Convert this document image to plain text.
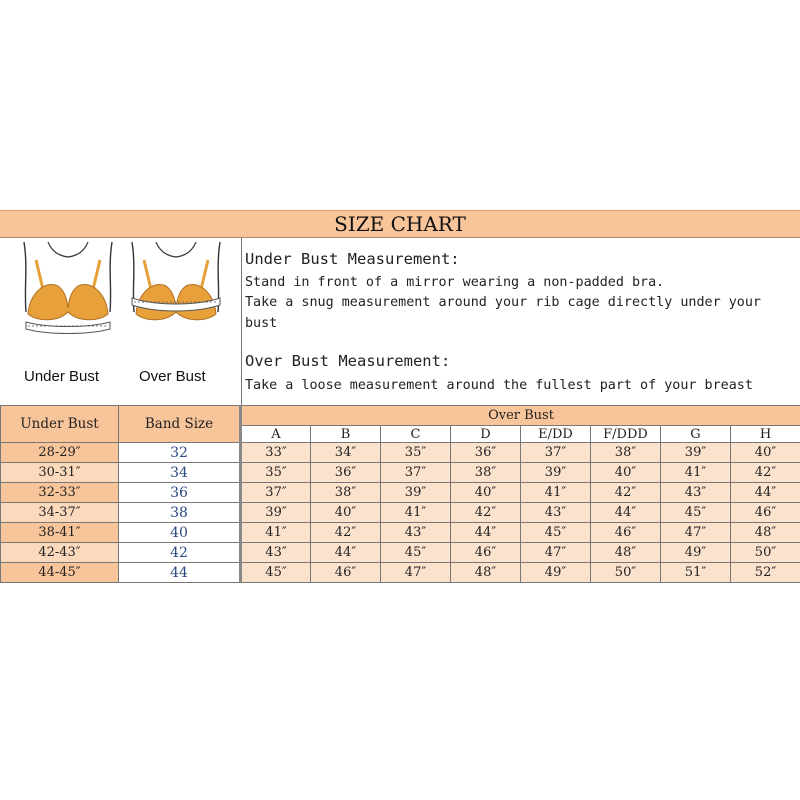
SIZE CHART
Under Bust	Over Bust
Under Bust Measurement:
Stand in front of a mirror wearing a non-padded bra.
Take a snug measurement around your rib cage directly under your
bust
Over Bust Measurement:
Take a loose measurement around the fullest part of your breast
Under Bust	Band Size	Over Bust							
		A	B	C	D	E/DD	F/DDD	G	H
28-29″	32	33″	34″	35″	36″	37″	38″	39″	40″
30-31″	34	35″	36″	37″	38″	39″	40″	41″	42″
32-33″	36	37″	38″	39″	40″	41″	42″	43″	44″
34-37″	38	39″	40″	41″	42″	43″	44″	45″	46″
38-41″	40	41″	42″	43″	44″	45″	46″	47″	48″
42-43″	42	43″	44″	45″	46″	47″	48″	49″	50″
44-45″	44	45″	46″	47″	48″	49″	50″	51″	52″
